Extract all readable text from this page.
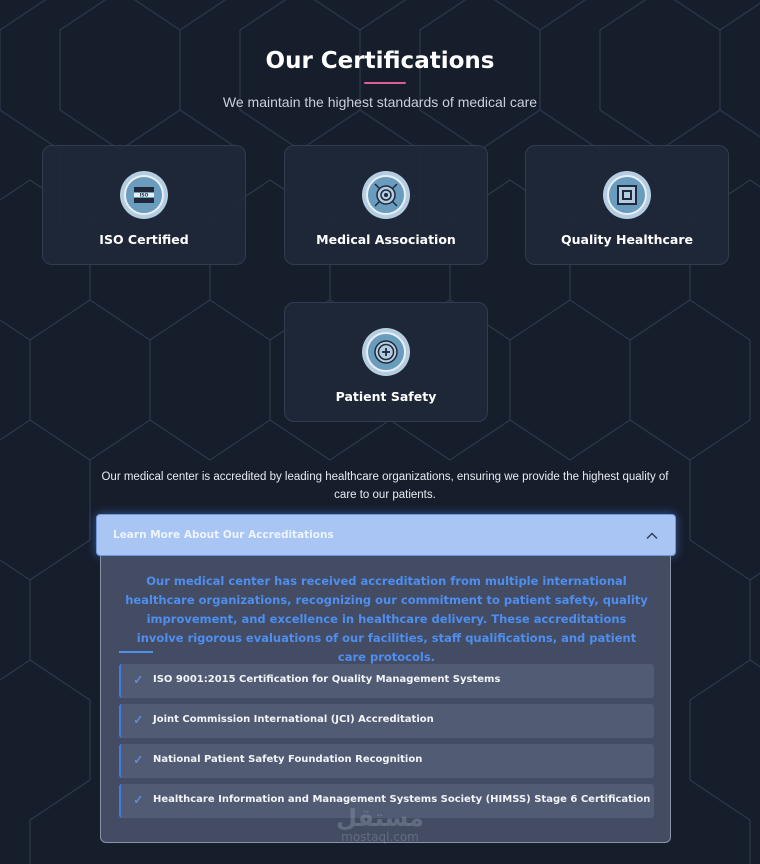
Our Certifications

We maintain the highest standards of medical care

ISO
ISO Certified	Medical Association	Quality Healthcare
Patient Safety

Our medical center is accredited by leading healthcare organizations, ensuring we provide the highest quality of care to our patients.

Learn More About Our Accreditations

Our medical center has received accreditation from multiple international healthcare organizations, recognizing our commitment to patient safety, quality improvement, and excellence in healthcare delivery. These accreditations involve rigorous evaluations of our facilities, staff qualifications, and patient care protocols.

✓ ISO 9001:2015 Certification for Quality Management Systems
✓ Joint Commission International (JCI) Accreditation
✓ National Patient Safety Foundation Recognition
✓ Healthcare Information and Management Systems Society (HIMSS) Stage 6 Certification
مستقل
mostaql.com
